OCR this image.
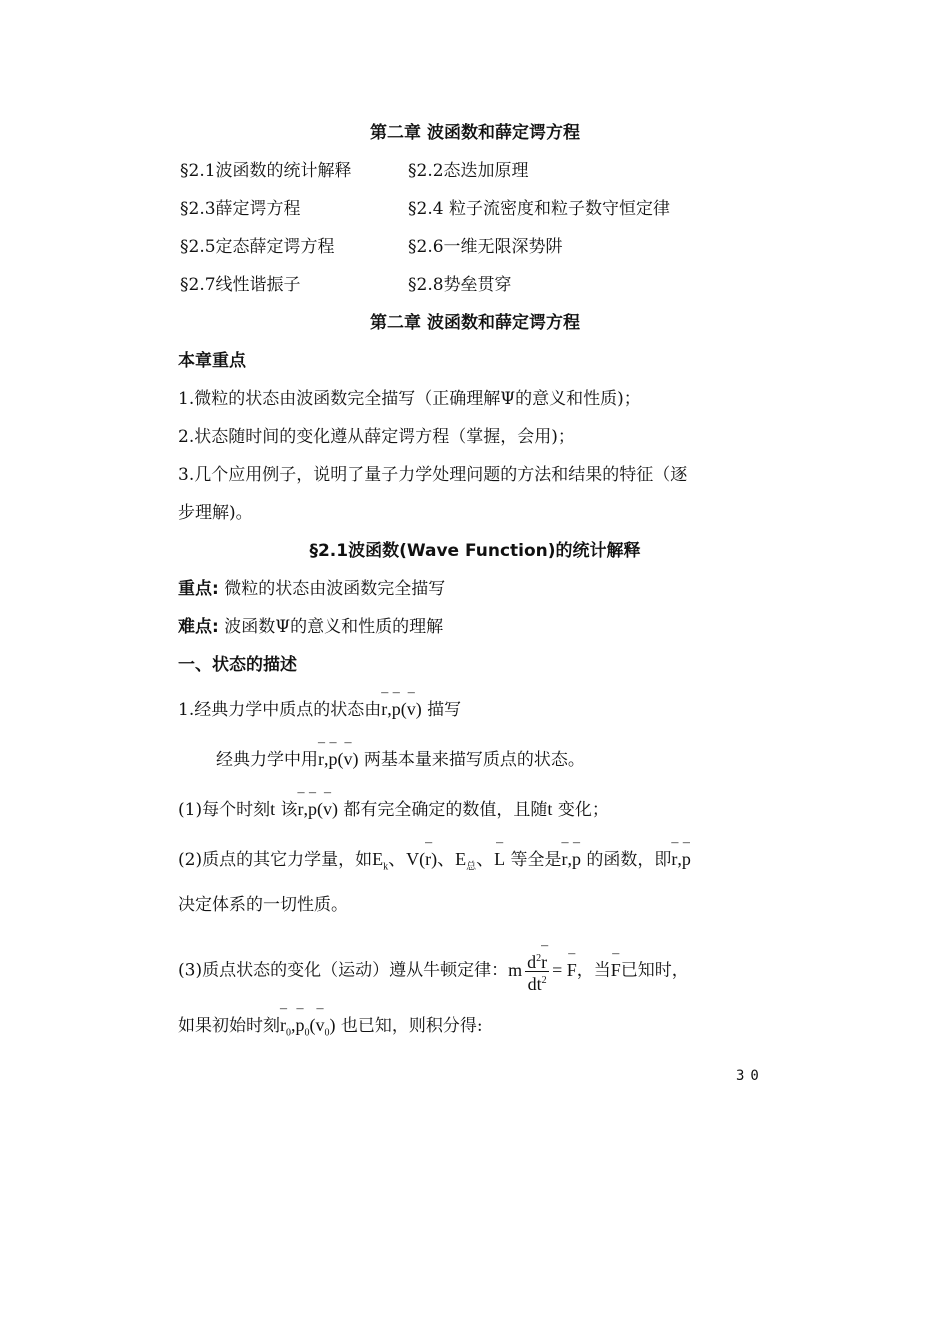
第二章 波函数和薛定谔方程
§2.1波函数的统计解释	§2.2态迭加原理
§2.3薛定谔方程	§2.4 粒子流密度和粒子数守恒定律
§2.5定态薛定谔方程	§2.6一维无限深势阱
§2.7线性谐振子	§2.8势垒贯穿
第二章 波函数和薛定谔方程
本章重点
1.微粒的状态由波函数完全描写（正确理解Ψ的意义和性质)；
2.状态随时间的变化遵从薛定谔方程（掌握，会用)；
3.几个应用例子，说明了量子力学处理问题的方法和结果的特征（逐
步理解)。
§2.1波函数(Wave Function)的统计解释
重点: 微粒的状态由波函数完全描写
难点: 波函数Ψ的意义和性质的理解
一、状态的描述
1.经典力学中质点的状态由¯ r,¯ p(¯ v) 描写
经典力学中用¯ r,¯ p(¯ v) 两基本量来描写质点的状态。
(1)每个时刻t 该¯ r,¯ p(¯ v) 都有完全确定的数值，且随t 变化；
(2)质点的其它力学量，如$E_k$、V(¯ r)、$E_总$、¯ L 等全是¯ r,¯ p 的函数，即¯ r,¯ p
决定体系的一切性质。
(3)质点状态的变化（运动）遵从牛顿定律：m $\frac{d^2¯ r}{dt^2}$ = ¯ F，当¯ F已知时，
如果初始时刻¯ $r_0,¯$ $p_0(¯$ $v_0$) 也已知，则积分得:
30
